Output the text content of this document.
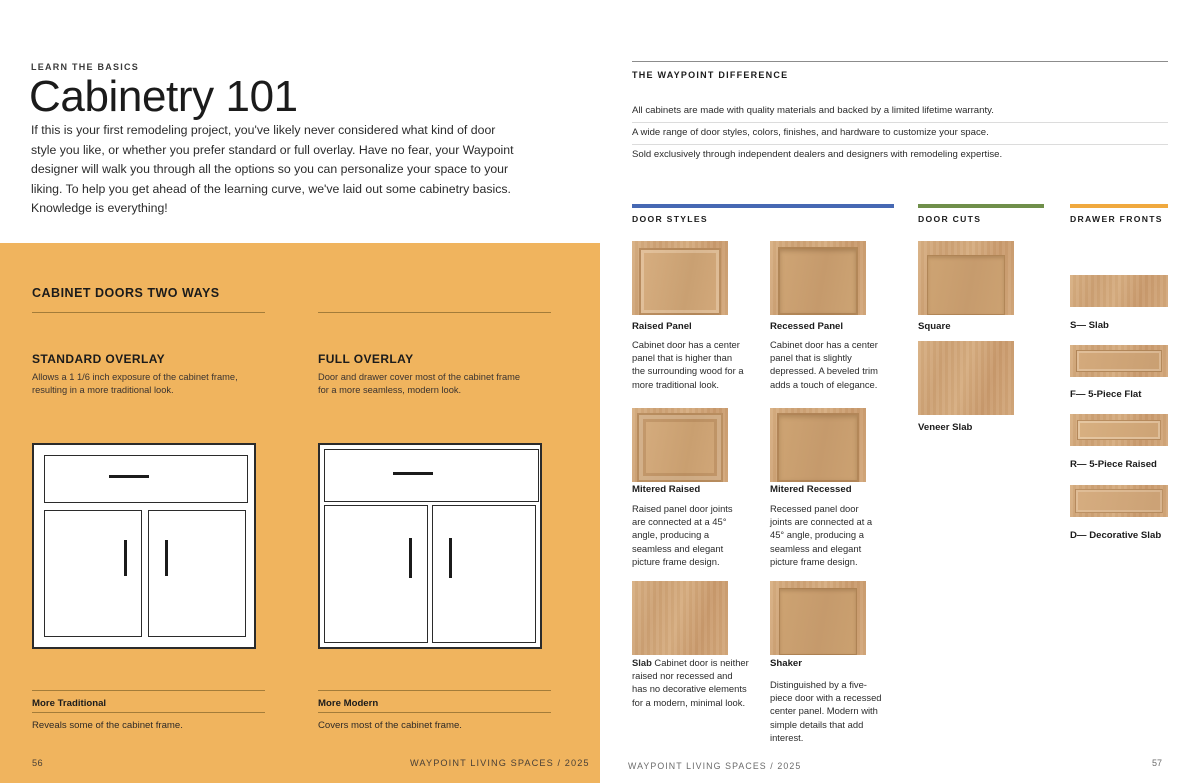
LEARN THE BASICS
Cabinetry 101
If this is your first remodeling project, you've likely never considered what kind of door style you like, or whether you prefer standard or full overlay. Have no fear, your Waypoint designer will walk you through all the options so you can personalize your space to your liking. To help you get ahead of the learning curve, we've laid out some cabinetry basics. Knowledge is everything!
CABINET DOORS TWO WAYS
STANDARD OVERLAY
Allows a 1 1/6 inch exposure of the cabinet frame, resulting in a more traditional look.
FULL OVERLAY
Door and drawer cover most of the cabinet frame for a more seamless, modern look.
More Traditional
Reveals some of the cabinet frame.
More Modern
Covers most of the cabinet frame.
56	WAYPOINT LIVING SPACES / 2025
THE WAYPOINT DIFFERENCE
All cabinets are made with quality materials and backed by a limited lifetime warranty.
A wide range of door styles, colors, finishes, and hardware to customize your space.
Sold exclusively through independent dealers and designers with remodeling expertise.
DOOR STYLES	DOOR CUTS	DRAWER FRONTS
Raised Panel
Cabinet door has a center panel that is higher than the surrounding wood for a more traditional look.
Recessed Panel
Cabinet door has a center panel that is slightly depressed. A beveled trim adds a touch of elegance.
Mitered Raised
Raised panel door joints are connected at a 45° angle, producing a seamless and elegant picture frame design.
Mitered Recessed
Recessed panel door joints are connected at a 45° angle, producing a seamless and elegant picture frame design.
Slab Cabinet door is neither raised nor recessed and has no decorative elements for a modern, minimal look.
Shaker
Distinguished by a five-piece door with a recessed center panel. Modern with simple details that add interest.
Square
Veneer Slab
S— Slab
F— 5-Piece Flat
R— 5-Piece Raised
D— Decorative Slab
WAYPOINT LIVING SPACES / 2025	57
